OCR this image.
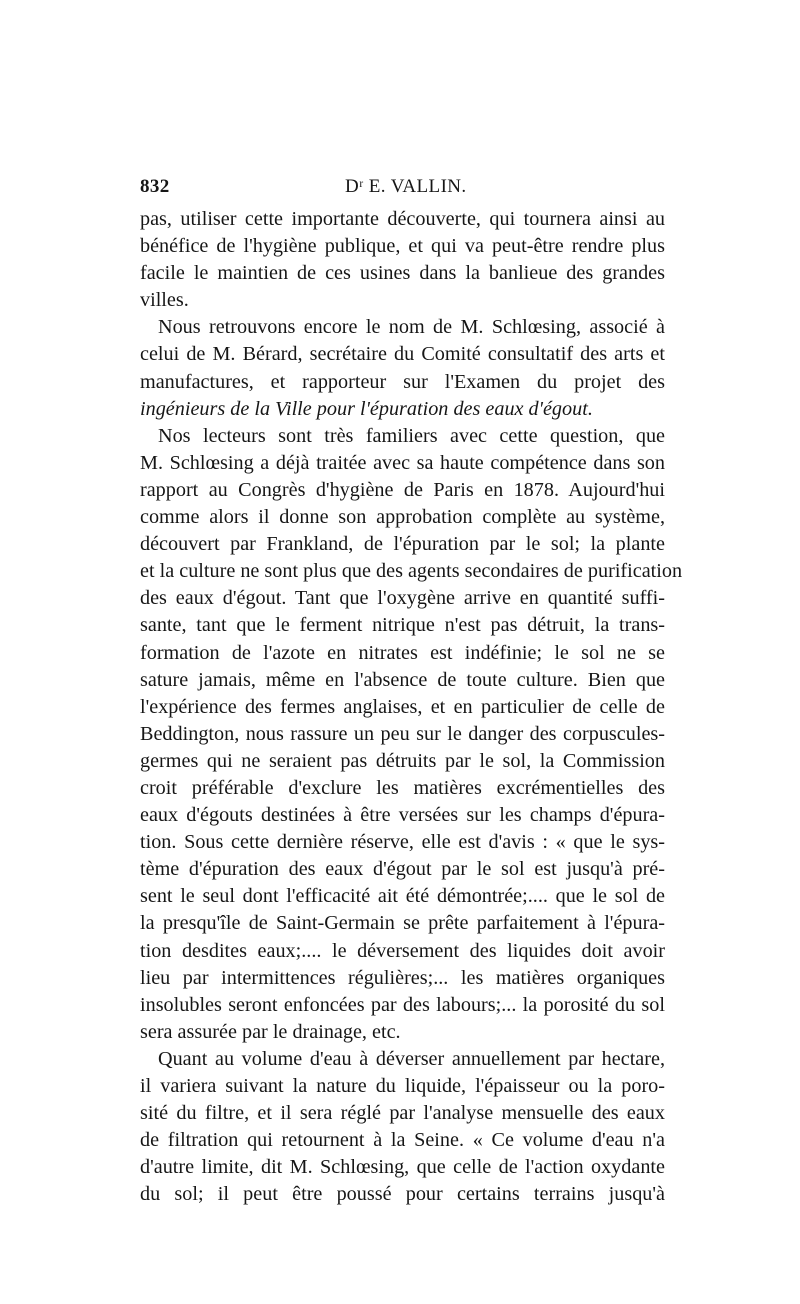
832	Dʳ E. VALLIN.
pas, utiliser cette importante découverte, qui tournera ainsi au
bénéfice de l'hygiène publique, et qui va peut-être rendre plus
facile le maintien de ces usines dans la banlieue des grandes
villes.
Nous retrouvons encore le nom de M. Schlœsing, associé à
celui de M. Bérard, secrétaire du Comité consultatif des arts et
manufactures, et rapporteur sur l'Examen du projet des
ingénieurs de la Ville pour l'épuration des eaux d'égout.
Nos lecteurs sont très familiers avec cette question, que
M. Schlœsing a déjà traitée avec sa haute compétence dans son
rapport au Congrès d'hygiène de Paris en 1878. Aujourd'hui
comme alors il donne son approbation complète au système,
découvert par Frankland, de l'épuration par le sol; la plante
et la culture ne sont plus que des agents secondaires de purification
des eaux d'égout. Tant que l'oxygène arrive en quantité suffi-
sante, tant que le ferment nitrique n'est pas détruit, la trans-
formation de l'azote en nitrates est indéfinie; le sol ne se
sature jamais, même en l'absence de toute culture. Bien que
l'expérience des fermes anglaises, et en particulier de celle de
Beddington, nous rassure un peu sur le danger des corpuscules-
germes qui ne seraient pas détruits par le sol, la Commission
croit préférable d'exclure les matières excrémentielles des
eaux d'égouts destinées à être versées sur les champs d'épura-
tion. Sous cette dernière réserve, elle est d'avis : « que le sys-
tème d'épuration des eaux d'égout par le sol est jusqu'à pré-
sent le seul dont l'efficacité ait été démontrée;.... que le sol de
la presqu'île de Saint-Germain se prête parfaitement à l'épura-
tion desdites eaux;.... le déversement des liquides doit avoir
lieu par intermittences régulières;... les matières organiques
insolubles seront enfoncées par des labours;... la porosité du sol
sera assurée par le drainage, etc.
Quant au volume d'eau à déverser annuellement par hectare,
il variera suivant la nature du liquide, l'épaisseur ou la poro-
sité du filtre, et il sera réglé par l'analyse mensuelle des eaux
de filtration qui retournent à la Seine. « Ce volume d'eau n'a
d'autre limite, dit M. Schlœsing, que celle de l'action oxydante
du sol; il peut être poussé pour certains terrains jusqu'à
